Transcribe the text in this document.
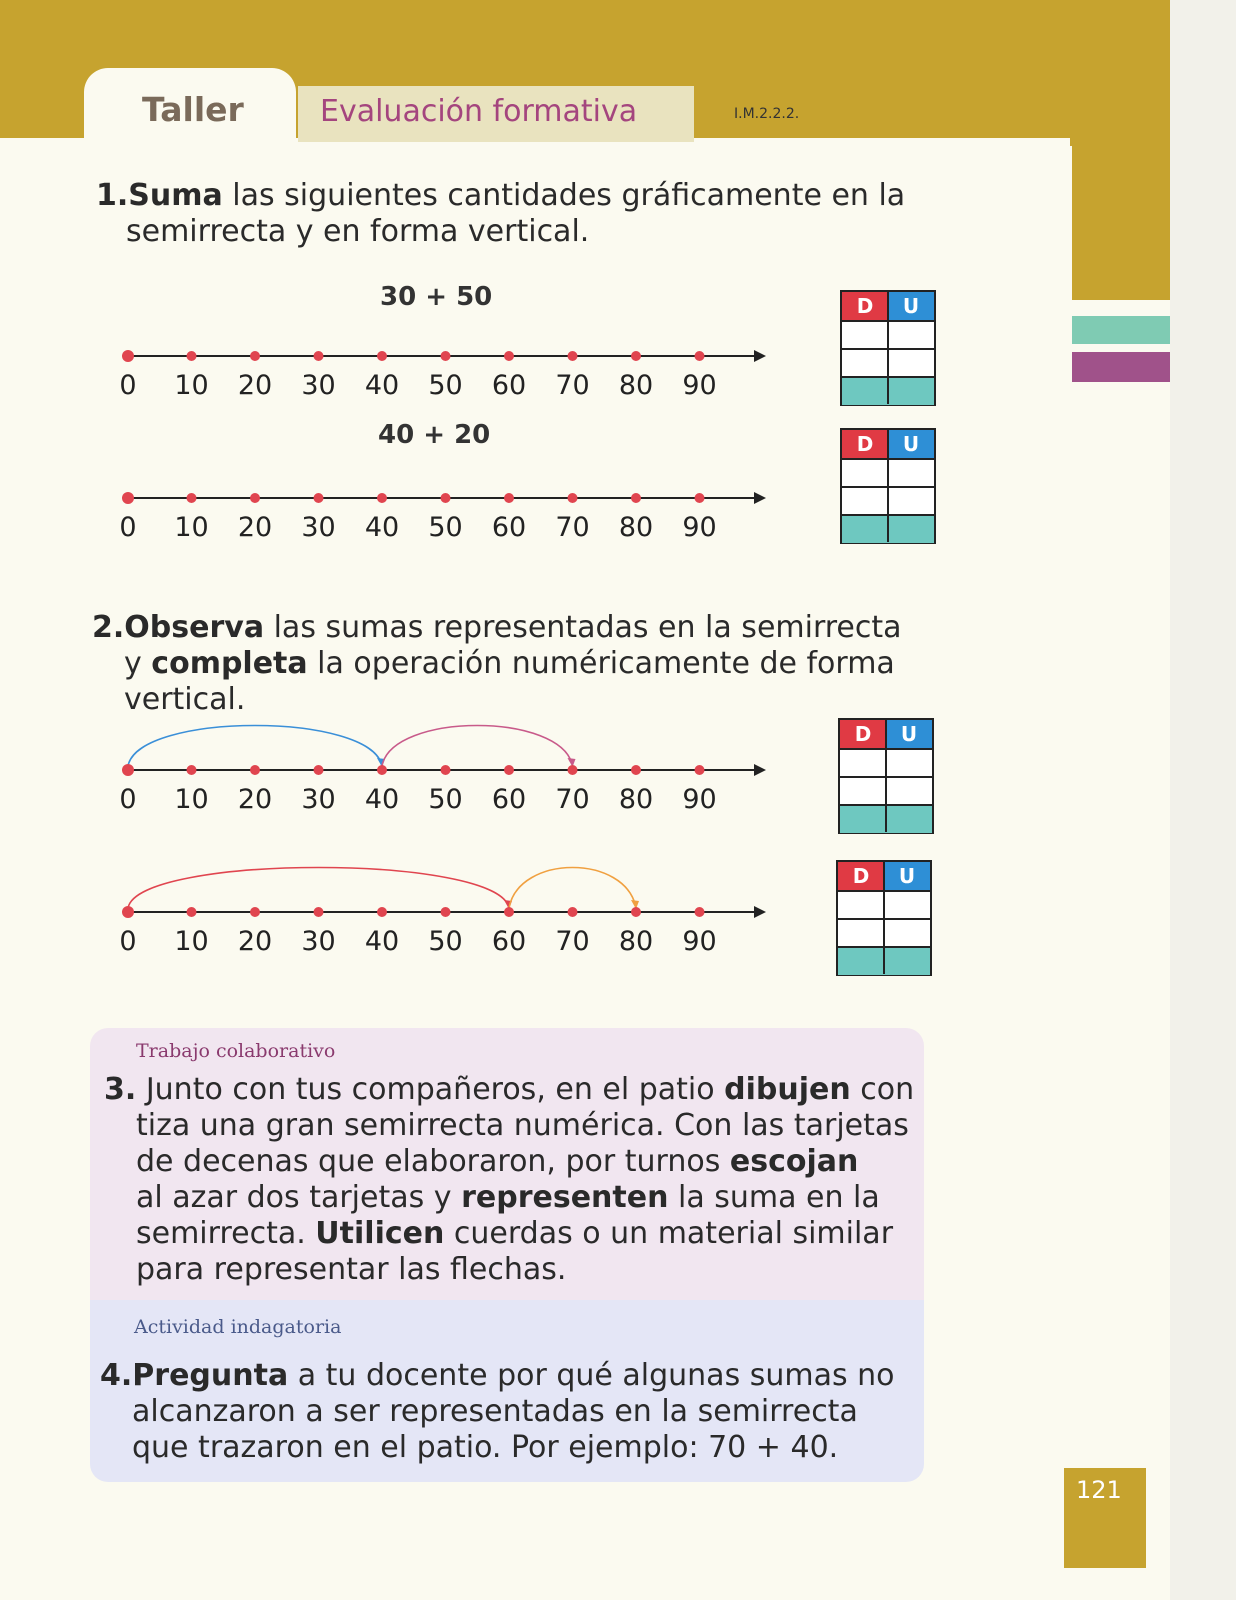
Taller	Evaluación formativa	I.M.2.2.2.
1.Suma las siguientes cantidades gráficamente en la
semirrecta y en forma vertical.
30 + 50
40 + 20
0 10 20 30 40 50 60 70 80 90
0 10 20 30 40 50 60 70 80 90
0 10 20 30 40 50 60 70 80 90
0 10 20 30 40 50 60 70 80 90
D	U
D	U
D	U
D	U
2.Observa las sumas representadas en la semirrecta
y completa la operación numéricamente de forma
vertical.
Trabajo colaborativo
3. Junto con tus compañeros, en el patio dibujen con
tiza una gran semirrecta numérica. Con las tarjetas
de decenas que elaboraron, por turnos escojan
al azar dos tarjetas y representen la suma en la
semirrecta. Utilicen cuerdas o un material similar
para representar las flechas.
Actividad indagatoria
4.Pregunta a tu docente por qué algunas sumas no
alcanzaron a ser representadas en la semirrecta
que trazaron en el patio. Por ejemplo: 70 + 40.
121
